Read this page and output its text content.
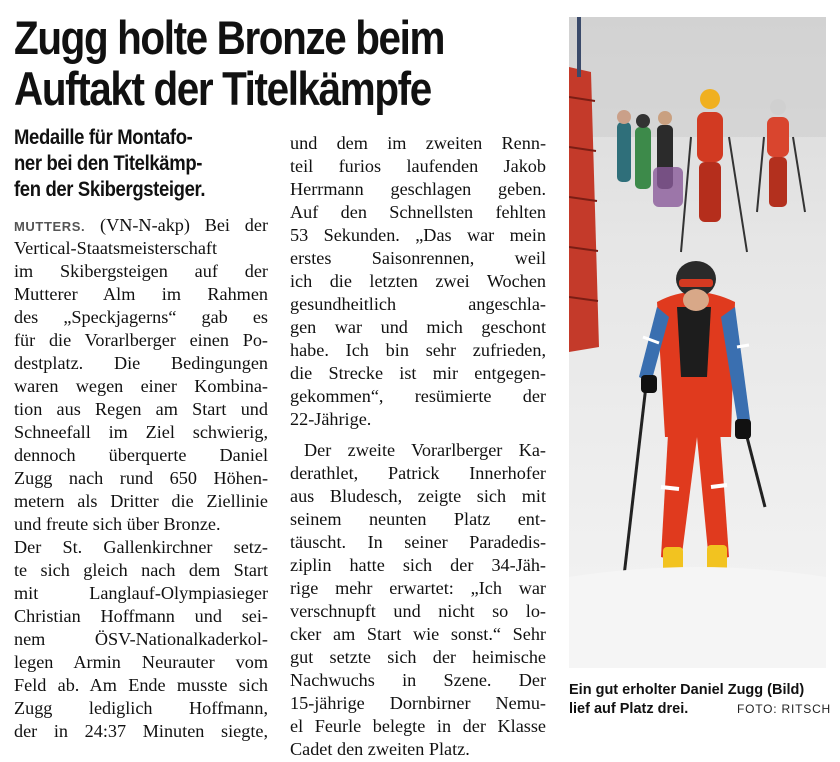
Zugg holte Bronze beim
Auftakt der Titelkämpfe
Medaille für Montafo-
ner bei den Titelkämp-
fen der Skibergsteiger.
MUTTERS. (VN-N-akp) Bei der
Vertical-Staatsmeisterschaft
im Skibergsteigen auf der
Mutterer Alm im Rahmen
des „Speckjagerns“ gab es
für die Vorarlberger einen Po-
destplatz. Die Bedingungen
waren wegen einer Kombina-
tion aus Regen am Start und
Schneefall im Ziel schwierig,
dennoch überquerte Daniel
Zugg nach rund 650 Höhen-
metern als Dritter die Ziellinie
und freute sich über Bronze.
Der St. Gallenkirchner setz-
te sich gleich nach dem Start
mit Langlauf-Olympiasieger
Christian Hoffmann und sei-
nem ÖSV-Nationalkaderkol-
legen Armin Neurauter vom
Feld ab. Am Ende musste sich
Zugg lediglich Hoffmann,
der in 24:37 Minuten siegte,
und dem im zweiten Renn-
teil furios laufenden Jakob
Herrmann geschlagen geben.
Auf den Schnellsten fehlten
53 Sekunden. „Das war mein
erstes Saisonrennen, weil
ich die letzten zwei Wochen
gesundheitlich angeschla-
gen war und mich geschont
habe. Ich bin sehr zufrieden,
die Strecke ist mir entgegen-
gekommen“, resümierte der
22-Jährige.
Der zweite Vorarlberger Ka-
derathlet, Patrick Innerhofer
aus Bludesch, zeigte sich mit
seinem neunten Platz ent-
täuscht. In seiner Paradedis-
ziplin hatte sich der 34-Jäh-
rige mehr erwartet: „Ich war
verschnupft und nicht so lo-
cker am Start wie sonst.“ Sehr
gut setzte sich der heimische
Nachwuchs in Szene. Der
15-jährige Dornbirner Nemu-
el Feurle belegte in der Klasse
Cadet den zweiten Platz.
Ein gut erholter Daniel Zugg (Bild)
lief auf Platz drei.	FOTO: RITSCH
